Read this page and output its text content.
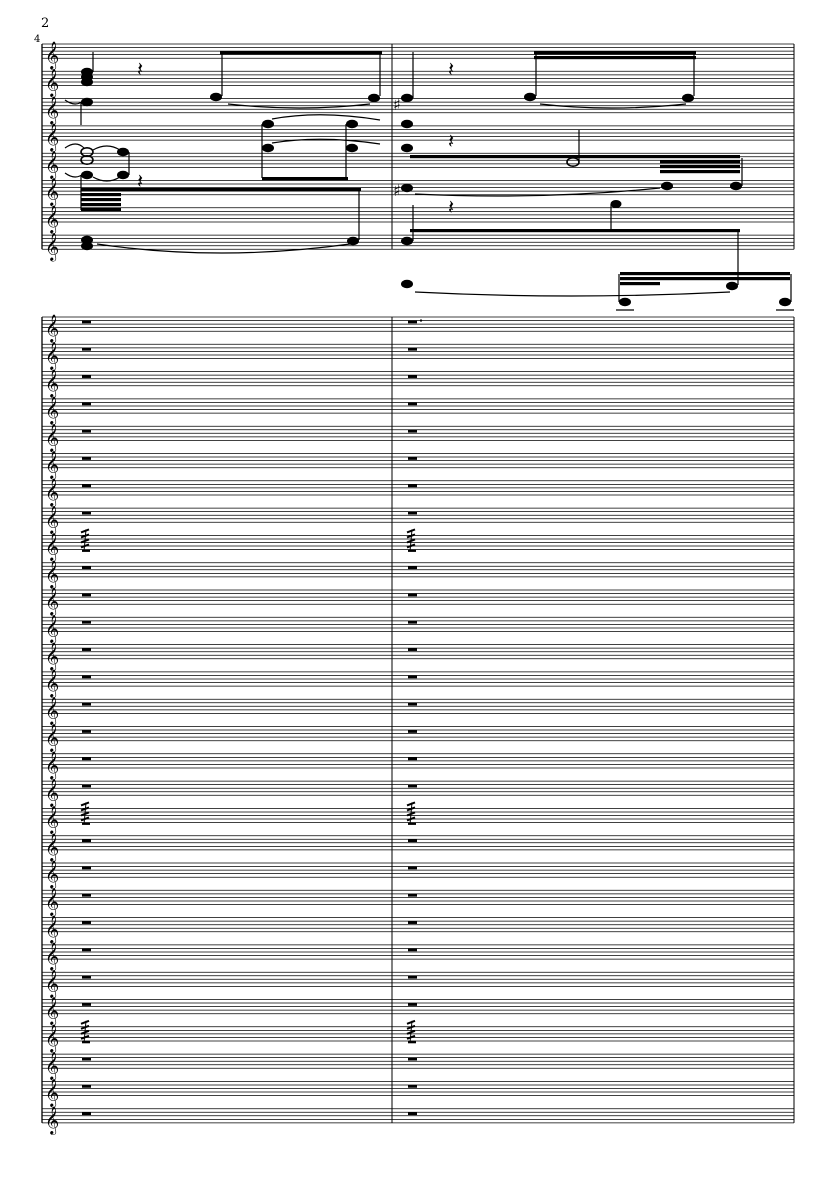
2
4
𝄞
𝄞
𝄞
𝄞
𝄞
𝄞
𝄞
𝄞
♯
♯
𝄽
𝄽
𝄽
𝄽
𝄽
𝄞
𝄞
𝄞
𝄞
𝄞
𝄞
𝄞
𝄞
𝄞
𝄞
𝄞
𝄞
𝄞
𝄞
𝄞
𝄞
𝄞
𝄞
𝄞
𝄞
𝄞
𝄞
𝄞
𝄞
𝄞
𝄞
𝄞
𝄞
𝄞
𝄞
